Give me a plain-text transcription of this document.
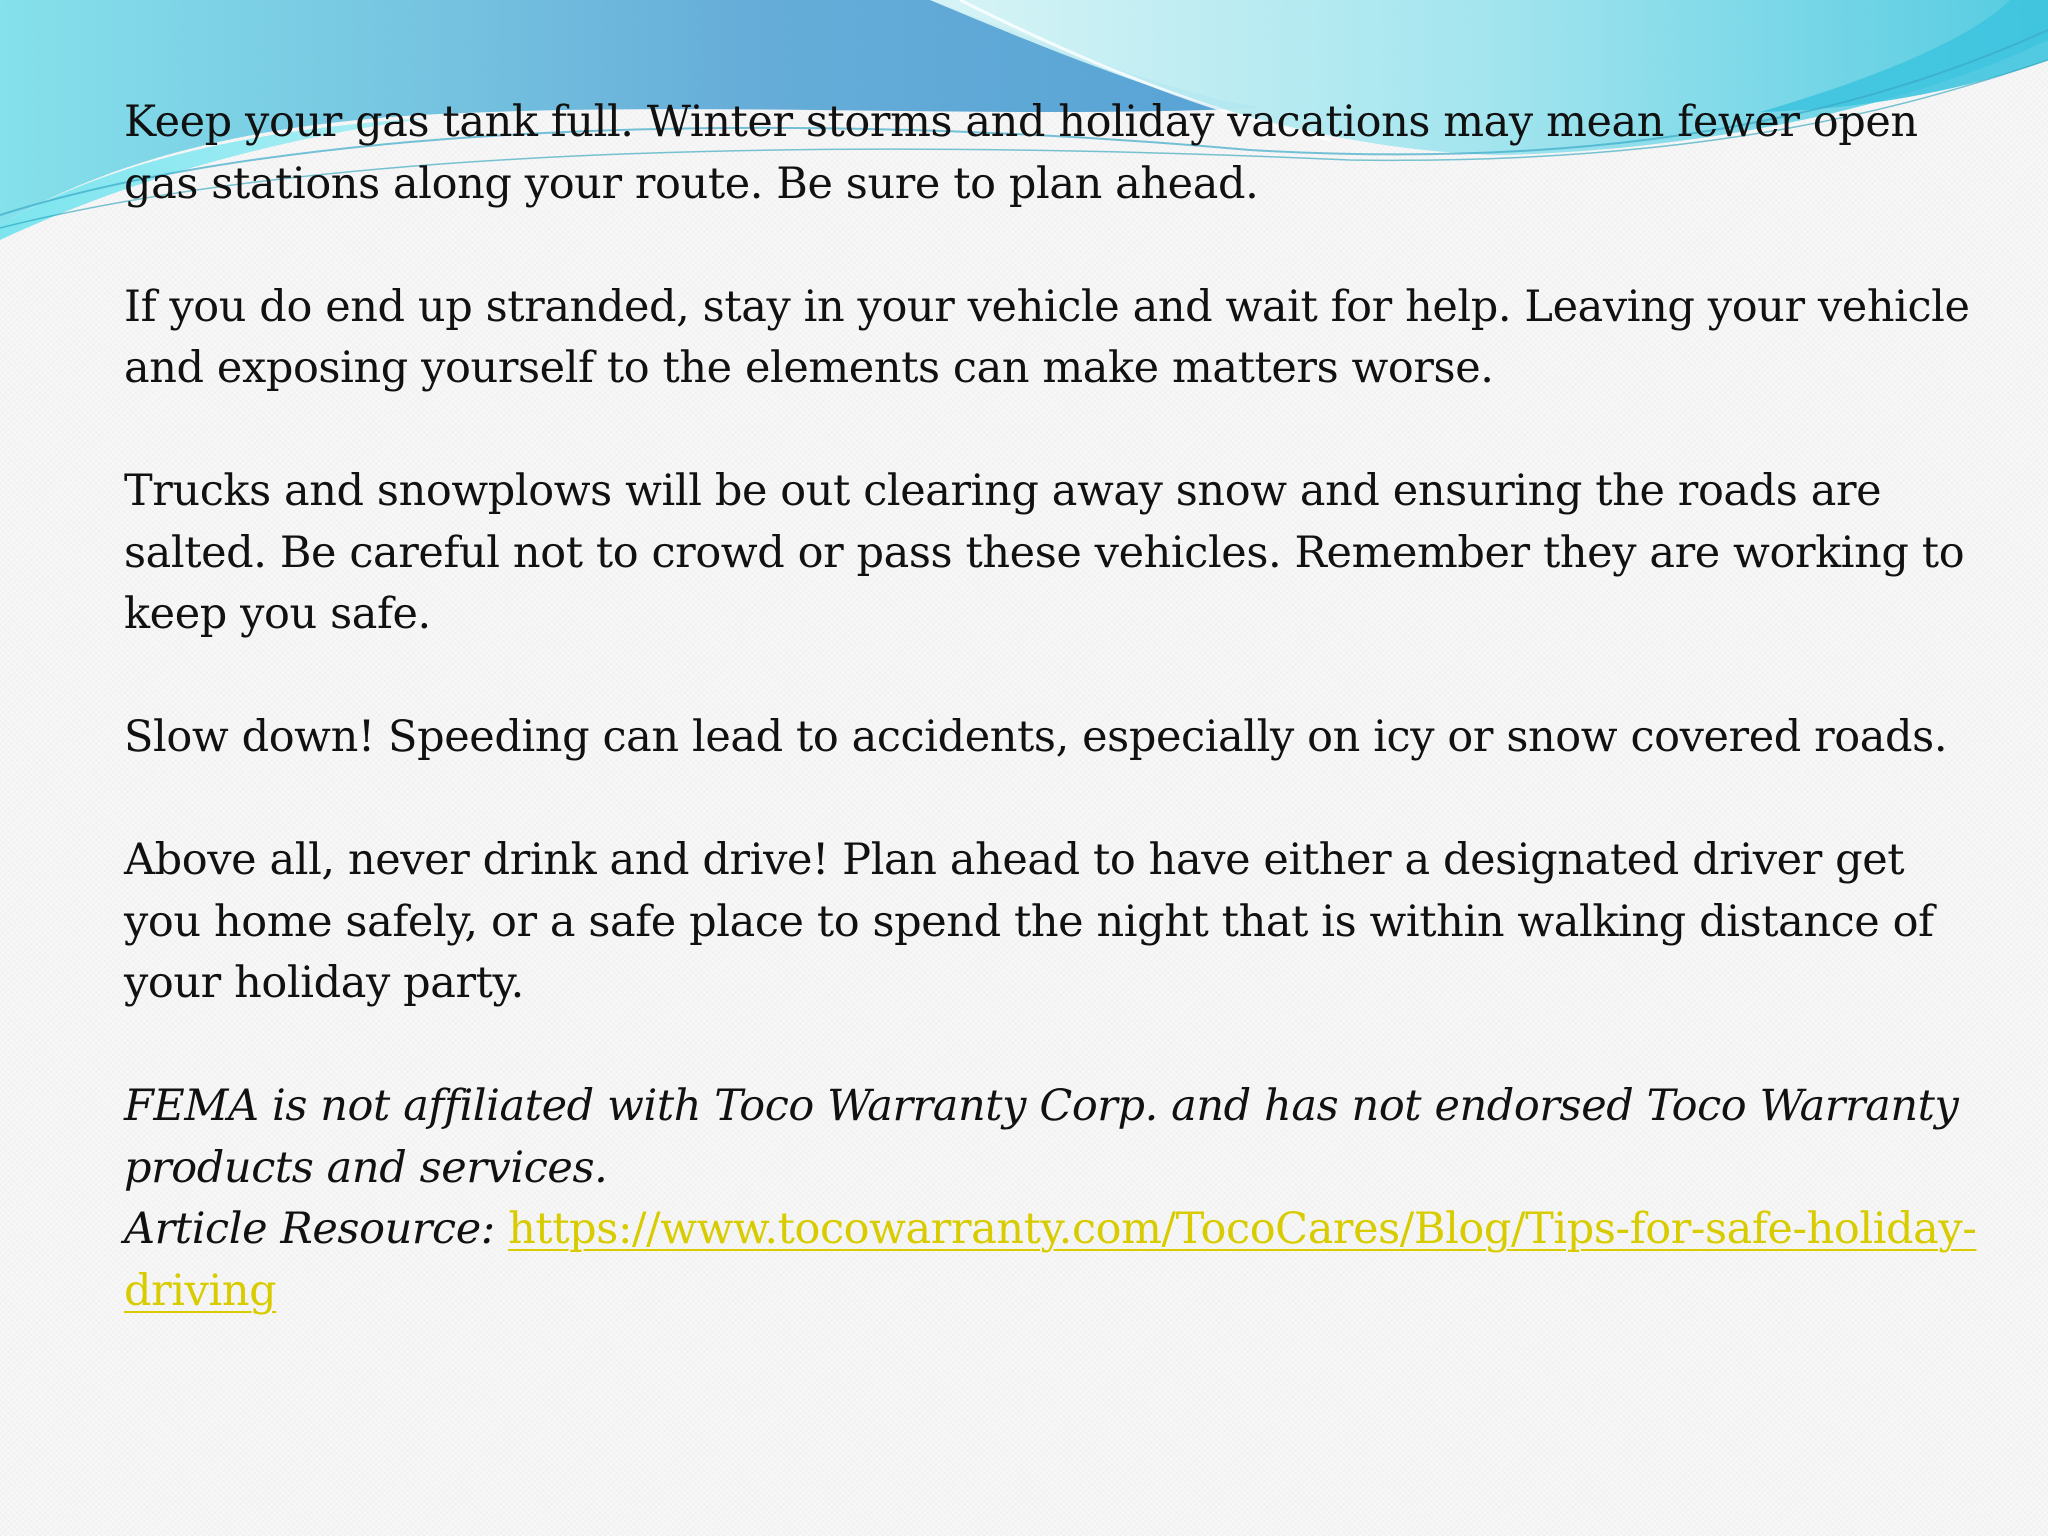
Keep your gas tank full. Winter storms and holiday vacations may mean fewer open gas stations along your route. Be sure to plan ahead.

If you do end up stranded, stay in your vehicle and wait for help. Leaving your vehicle and exposing yourself to the elements can make matters worse.

Trucks and snowplows will be out clearing away snow and ensuring the roads are salted. Be careful not to crowd or pass these vehicles. Remember they are working to keep you safe.

Slow down! Speeding can lead to accidents, especially on icy or snow covered roads.

Above all, never drink and drive! Plan ahead to have either a designated driver get you home safely, or a safe place to spend the night that is within walking distance of your holiday party.

FEMA is not affiliated with Toco Warranty Corp. and has not endorsed Toco Warranty products and services.

Article Resource: https://www.tocowarranty.com/TocoCares/Blog/Tips-for-safe-holiday-driving
